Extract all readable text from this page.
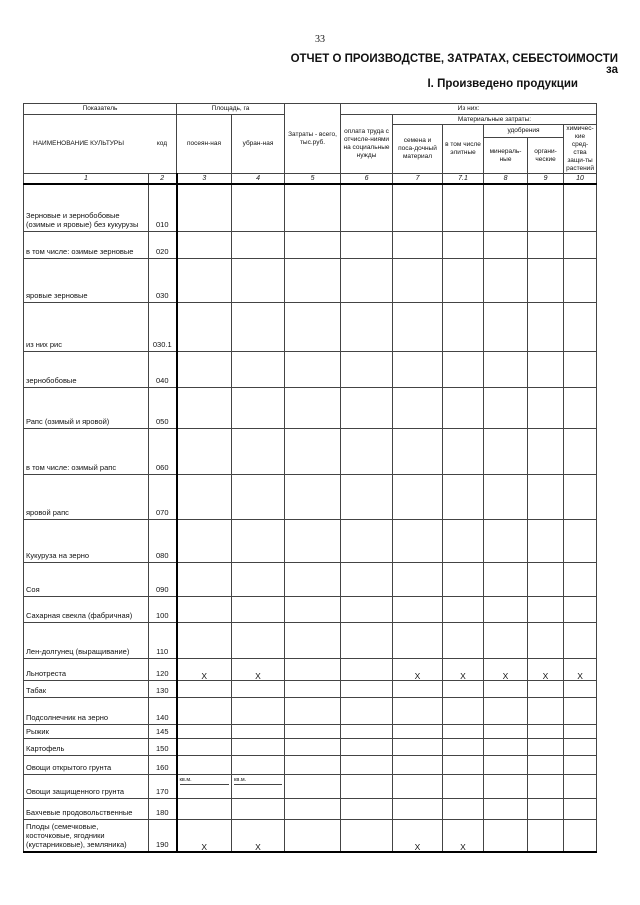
33
ОТЧЕТ О ПРОИЗВОДСТВЕ, ЗАТРАТАХ, СЕБЕСТОИМОСТИ
за
I. Произведено продукции
Показатель		Площадь, га		Затраты - всего, тыс.руб.	Из них:					
НАИМЕНОВАНИЕ КУЛЬТУРЫ код		посеян-ная	убран-ная		оплата труда с отчисле-ниями на социальные нужды	Материальные затраты:				
						семена и поса-дочный материал	в том числе элитные	удобрения		химичес-кие сред-ства защи-ты растений
								минераль-ные	органи-ческие	
1	2	3	4	5	6	7	7.1	8	9	10
Зерновые и зернобобовые (озимые и яровые) без кукурузы	010									
в том числе: озимые зерновые	020									
яровые зерновые	030									
из них рис	030.1									
зернобобовые	040									
Рапс (озимый и яровой)	050									
в том числе: озимый рапс	060									
яровой рапс	070									
Кукуруза на зерно	080									
Соя	090									
Сахарная свекла (фабричная)	100									
Лен-долгунец (выращивание)	110									
Льнотреста	120	X	X			X	X	X	X	X
Табак	130									
Подсолнечник на зерно	140									
Рыжик	145									
Картофель	150									
Овощи открытого грунта	160									
Овощи защищенного грунта	170	кв.м.	кв.м.							

Бахчевые продовольственные	180									
Плоды (семечковые, косточковые, ягодники (кустарниковые), земляника)	190	X	X			X	X			
